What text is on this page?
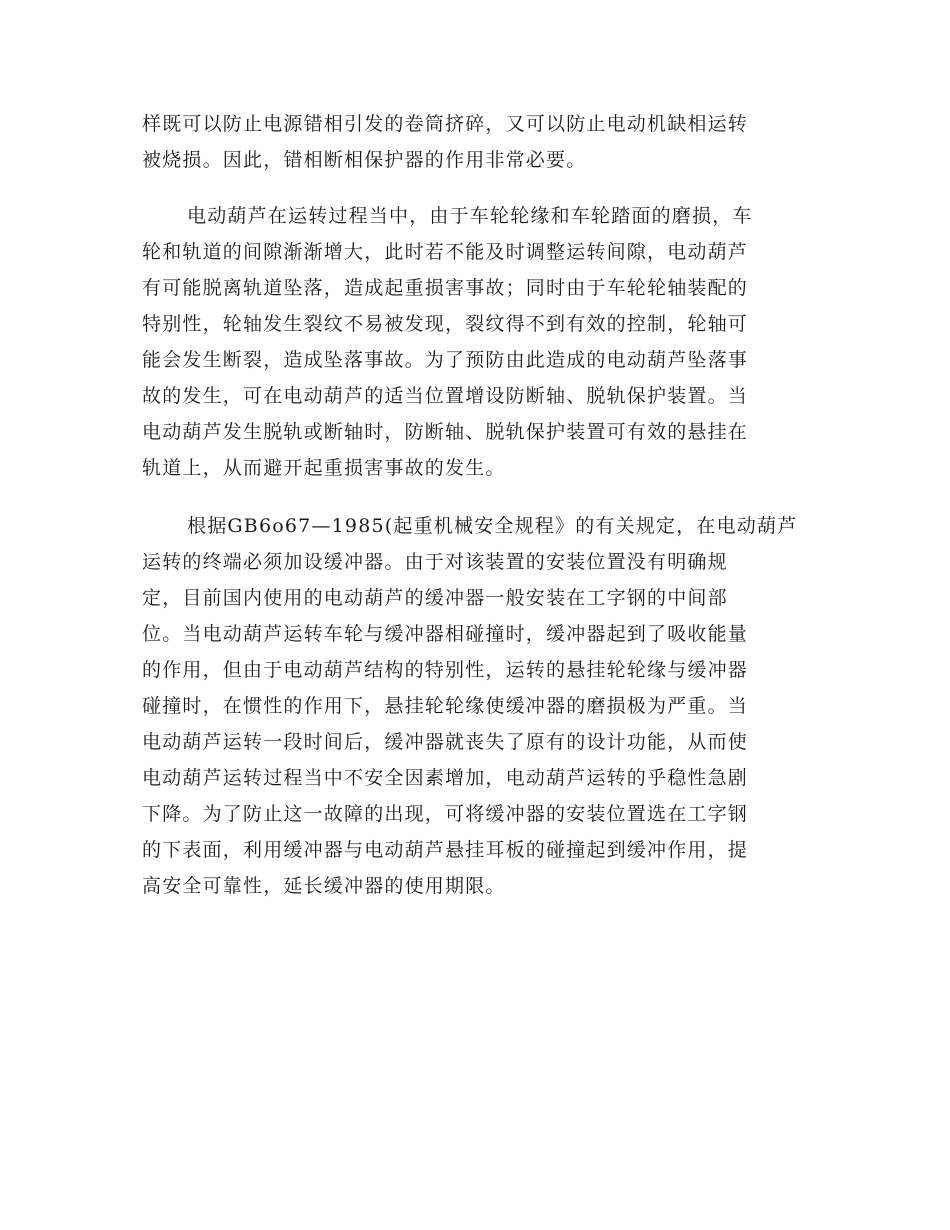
样既可以防止电源错相引发的卷筒挤碎，又可以防止电动机缺相运转
被烧损。因此，错相断相保护器的作用非常必要。
电动葫芦在运转过程当中，由于车轮轮缘和车轮踏面的磨损，车
轮和轨道的间隙渐渐增大，此时若不能及时调整运转间隙，电动葫芦
有可能脱离轨道坠落，造成起重损害事故；同时由于车轮轮轴装配的
特别性，轮轴发生裂纹不易被发现，裂纹得不到有效的控制，轮轴可
能会发生断裂，造成坠落事故。为了预防由此造成的电动葫芦坠落事
故的发生，可在电动葫芦的适当位置增设防断轴、脱轨保护装置。当
电动葫芦发生脱轨或断轴时，防断轴、脱轨保护装置可有效的悬挂在
轨道上，从而避开起重损害事故的发生。
根据GB6o67—1985(起重机械安全规程》的有关规定，在电动葫芦
运转的终端必须加设缓冲器。由于对该装置的安装位置没有明确规
定，目前国内使用的电动葫芦的缓冲器一般安装在工字钢的中间部
位。当电动葫芦运转车轮与缓冲器相碰撞时，缓冲器起到了吸收能量
的作用，但由于电动葫芦结构的特别性，运转的悬挂轮轮缘与缓冲器
碰撞时，在惯性的作用下，悬挂轮轮缘使缓冲器的磨损极为严重。当
电动葫芦运转一段时间后，缓冲器就丧失了原有的设计功能，从而使
电动葫芦运转过程当中不安全因素增加，电动葫芦运转的乎稳性急剧
下降。为了防止这一故障的出现，可将缓冲器的安装位置选在工字钢
的下表面，利用缓冲器与电动葫芦悬挂耳板的碰撞起到缓冲作用，提
高安全可靠性，延长缓冲器的使用期限。
